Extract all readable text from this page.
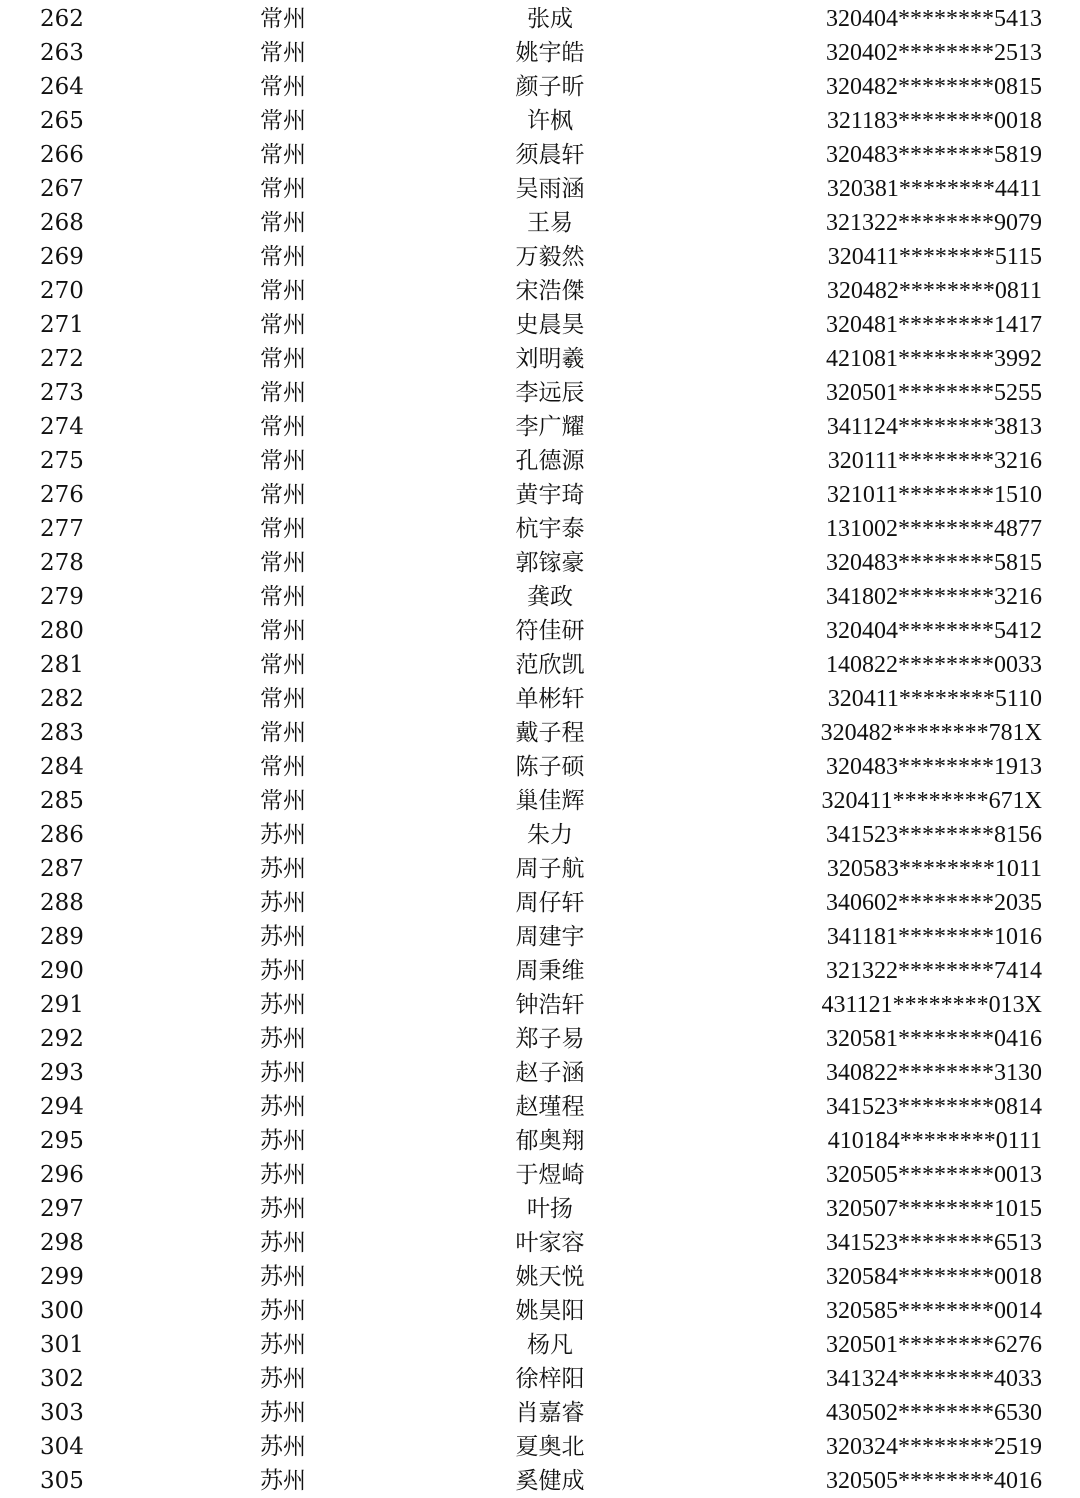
262	常州	张成	320404********5413
263	常州	姚宇皓	320402********2513
264	常州	颜子昕	320482********0815
265	常州	许枫	321183********0018
266	常州	须晨轩	320483********5819
267	常州	吴雨涵	320381********4411
268	常州	王易	321322********9079
269	常州	万毅然	320411********5115
270	常州	宋浩傑	320482********0811
271	常州	史晨昊	320481********1417
272	常州	刘明羲	421081********3992
273	常州	李远辰	320501********5255
274	常州	李广耀	341124********3813
275	常州	孔德源	320111********3216
276	常州	黄宇琦	321011********1510
277	常州	杭宇泰	131002********4877
278	常州	郭镓豪	320483********5815
279	常州	龚政	341802********3216
280	常州	符佳研	320404********5412
281	常州	范欣凯	140822********0033
282	常州	单彬轩	320411********5110
283	常州	戴子程	320482********781X
284	常州	陈子硕	320483********1913
285	常州	巢佳辉	320411********671X
286	苏州	朱力	341523********8156
287	苏州	周子航	320583********1011
288	苏州	周仔轩	340602********2035
289	苏州	周建宇	341181********1016
290	苏州	周秉维	321322********7414
291	苏州	钟浩轩	431121********013X
292	苏州	郑子易	320581********0416
293	苏州	赵子涵	340822********3130
294	苏州	赵瑾程	341523********0814
295	苏州	郁奥翔	410184********0111
296	苏州	于煜崎	320505********0013
297	苏州	叶扬	320507********1015
298	苏州	叶家容	341523********6513
299	苏州	姚天悦	320584********0018
300	苏州	姚昊阳	320585********0014
301	苏州	杨凡	320501********6276
302	苏州	徐梓阳	341324********4033
303	苏州	肖嘉睿	430502********6530
304	苏州	夏奥北	320324********2519
305	苏州	奚健成	320505********4016
